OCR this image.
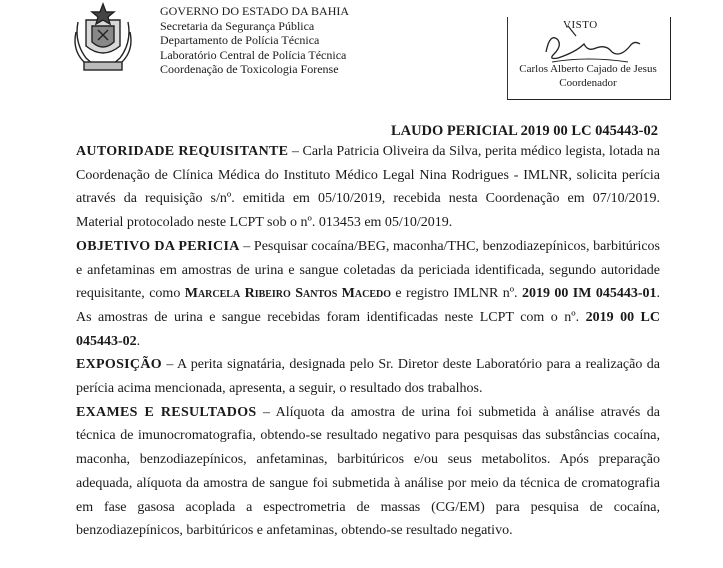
GOVERNO DO ESTADO DA BAHIA
Secretaria da Segurança Pública
Departamento de Polícia Técnica
Laboratório Central de Polícia Técnica
Coordenação de Toxicologia Forense
VISTO
Carlos Alberto Cajado de Jesus
Coordenador
LAUDO PERICIAL 2019 00 LC 045443-02

AUTORIDADE REQUISITANTE – Carla Patricia Oliveira da Silva, perita médico legista, lotada na Coordenação de Clínica Médica do Instituto Médico Legal Nina Rodrigues - IMLNR, solicita perícia através da requisição s/nº. emitida em 05/10/2019, recebida nesta Coordenação em 07/10/2019. Material protocolado neste LCPT sob o nº. 013453 em 05/10/2019.

OBJETIVO DA PERICIA – Pesquisar cocaína/BEG, maconha/THC, benzodiazepínicos, barbitúricos e anfetaminas em amostras de urina e sangue coletadas da periciada identificada, segundo autoridade requisitante, como Marcela Ribeiro Santos Macedo e registro IMLNR nº. 2019 00 IM 045443-01. As amostras de urina e sangue recebidas foram identificadas neste LCPT com o nº. 2019 00 LC 045443-02.

EXPOSIÇÃO – A perita signatária, designada pelo Sr. Diretor deste Laboratório para a realização da perícia acima mencionada, apresenta, a seguir, o resultado dos trabalhos.

EXAMES E RESULTADOS – Alíquota da amostra de urina foi submetida à análise através da técnica de imunocromatografia, obtendo-se resultado negativo para pesquisas das substâncias cocaína, maconha, benzodiazepínicos, anfetaminas, barbitúricos e/ou seus metabolitos. Após preparação adequada, alíquota da amostra de sangue foi submetida à análise por meio da técnica de cromatografia em fase gasosa acoplada a espectrometria de massas (CG/EM) para pesquisa de cocaína, benzodiazepínicos, barbitúricos e anfetaminas, obtendo-se resultado negativo.
